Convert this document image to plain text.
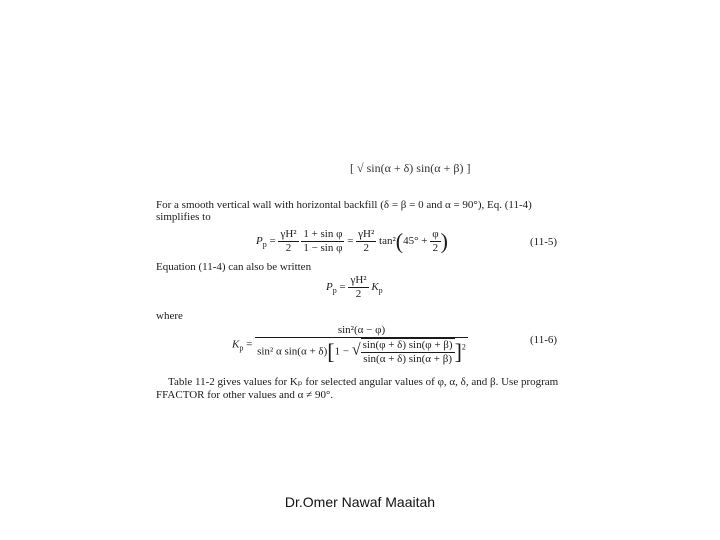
[ √ sin(α + δ) sin(α + β) ]
For a smooth vertical wall with horizontal backfill (δ = β = 0 and α = 90°), Eq. (11-4)
simplifies to
$P_p = \frac{\text{γH²}}{2}$
$\frac{\text{1 + sin φ}}{\text{1 − sin φ}} = \frac{\text{γH²}}{2} \tan^2(45^\circ + \frac{\varphi}{2}$ )	(11-5)
Equation (11-4) can also be written
$P_p = \frac{\text{γH²}}{2} K_p$
where
$K_p$ =
sin²(α − φ)
sin² α sin(α + δ)[1 − √ $\frac{\sin(\varphi + \delta) \sin(\varphi + \beta)}{\sin(\alpha + \delta) \sin(\alpha + \beta)} ]^2$
(11-6)
Table 11-2 gives values for Kₚ for selected angular values of φ, α, δ, and β. Use program
FFACTOR for other values and α ≠ 90°.
Dr.Omer Nawaf Maaitah
